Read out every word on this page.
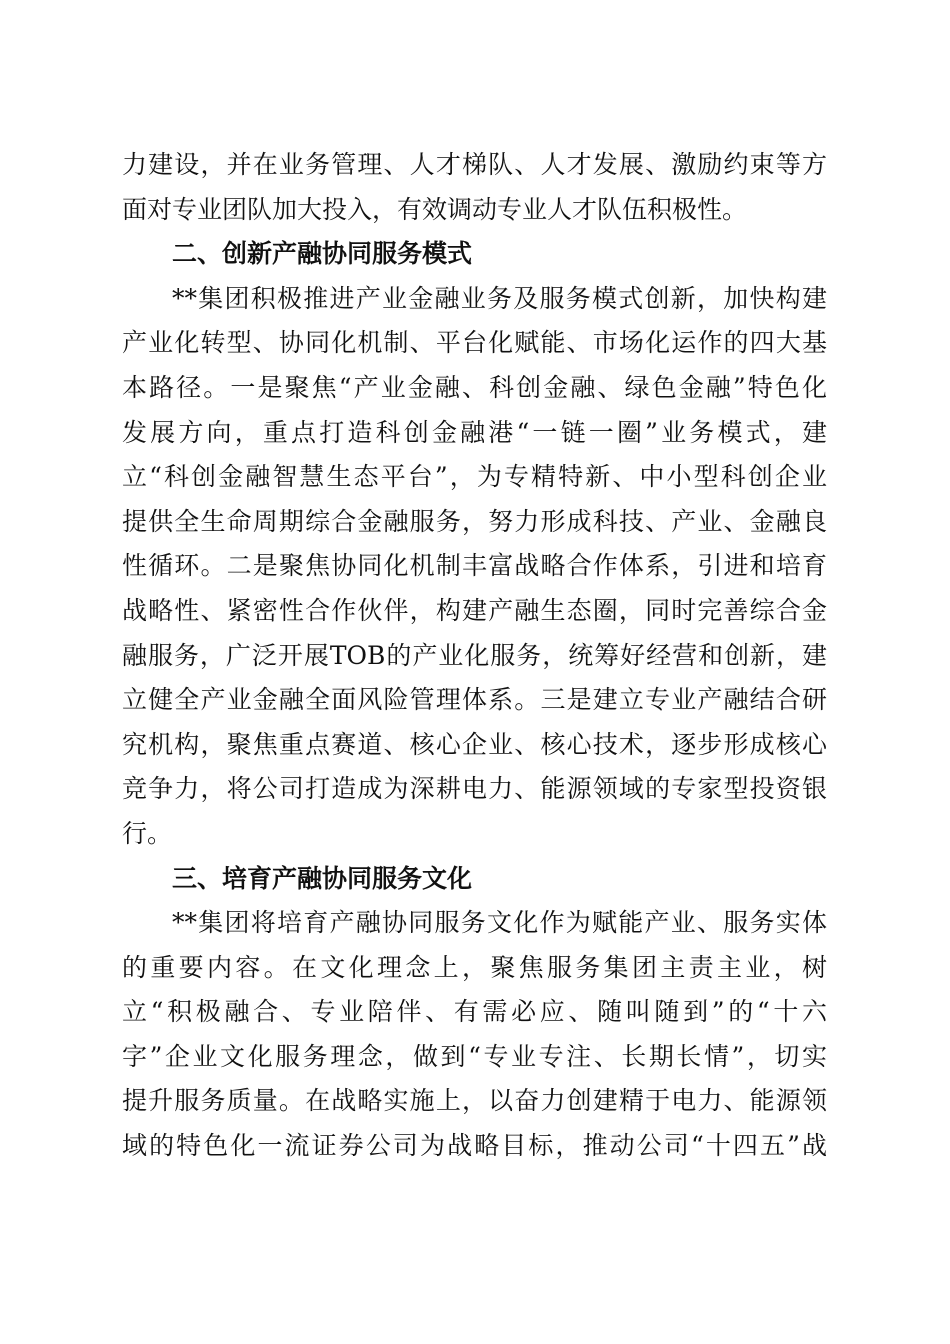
力建设，并在业务管理、人才梯队、人才发展、激励约束等方
面对专业团队加大投入，有效调动专业人才队伍积极性。
二、创新产融协同服务模式
**集团积极推进产业金融业务及服务模式创新，加快构建
产业化转型、协同化机制、平台化赋能、市场化运作的四大基
本路径。一是聚焦“产业金融、科创金融、绿色金融”特色化
发展方向，重点打造科创金融港“一链一圈”业务模式，建
立“科创金融智慧生态平台”，为专精特新、中小型科创企业
提供全生命周期综合金融服务，努力形成科技、产业、金融良
性循环。二是聚焦协同化机制丰富战略合作体系，引进和培育
战略性、紧密性合作伙伴，构建产融生态圈，同时完善综合金
融服务，广泛开展TOB的产业化服务，统筹好经营和创新，建
立健全产业金融全面风险管理体系。三是建立专业产融结合研
究机构，聚焦重点赛道、核心企业、核心技术，逐步形成核心
竞争力，将公司打造成为深耕电力、能源领域的专家型投资银
行。
三、培育产融协同服务文化
**集团将培育产融协同服务文化作为赋能产业、服务实体
的重要内容。在文化理念上，聚焦服务集团主责主业，树
立“积极融合、专业陪伴、有需必应、随叫随到”的“十六
字”企业文化服务理念，做到“专业专注、长期长情”，切实
提升服务质量。在战略实施上，以奋力创建精于电力、能源领
域的特色化一流证券公司为战略目标，推动公司“十四五”战
